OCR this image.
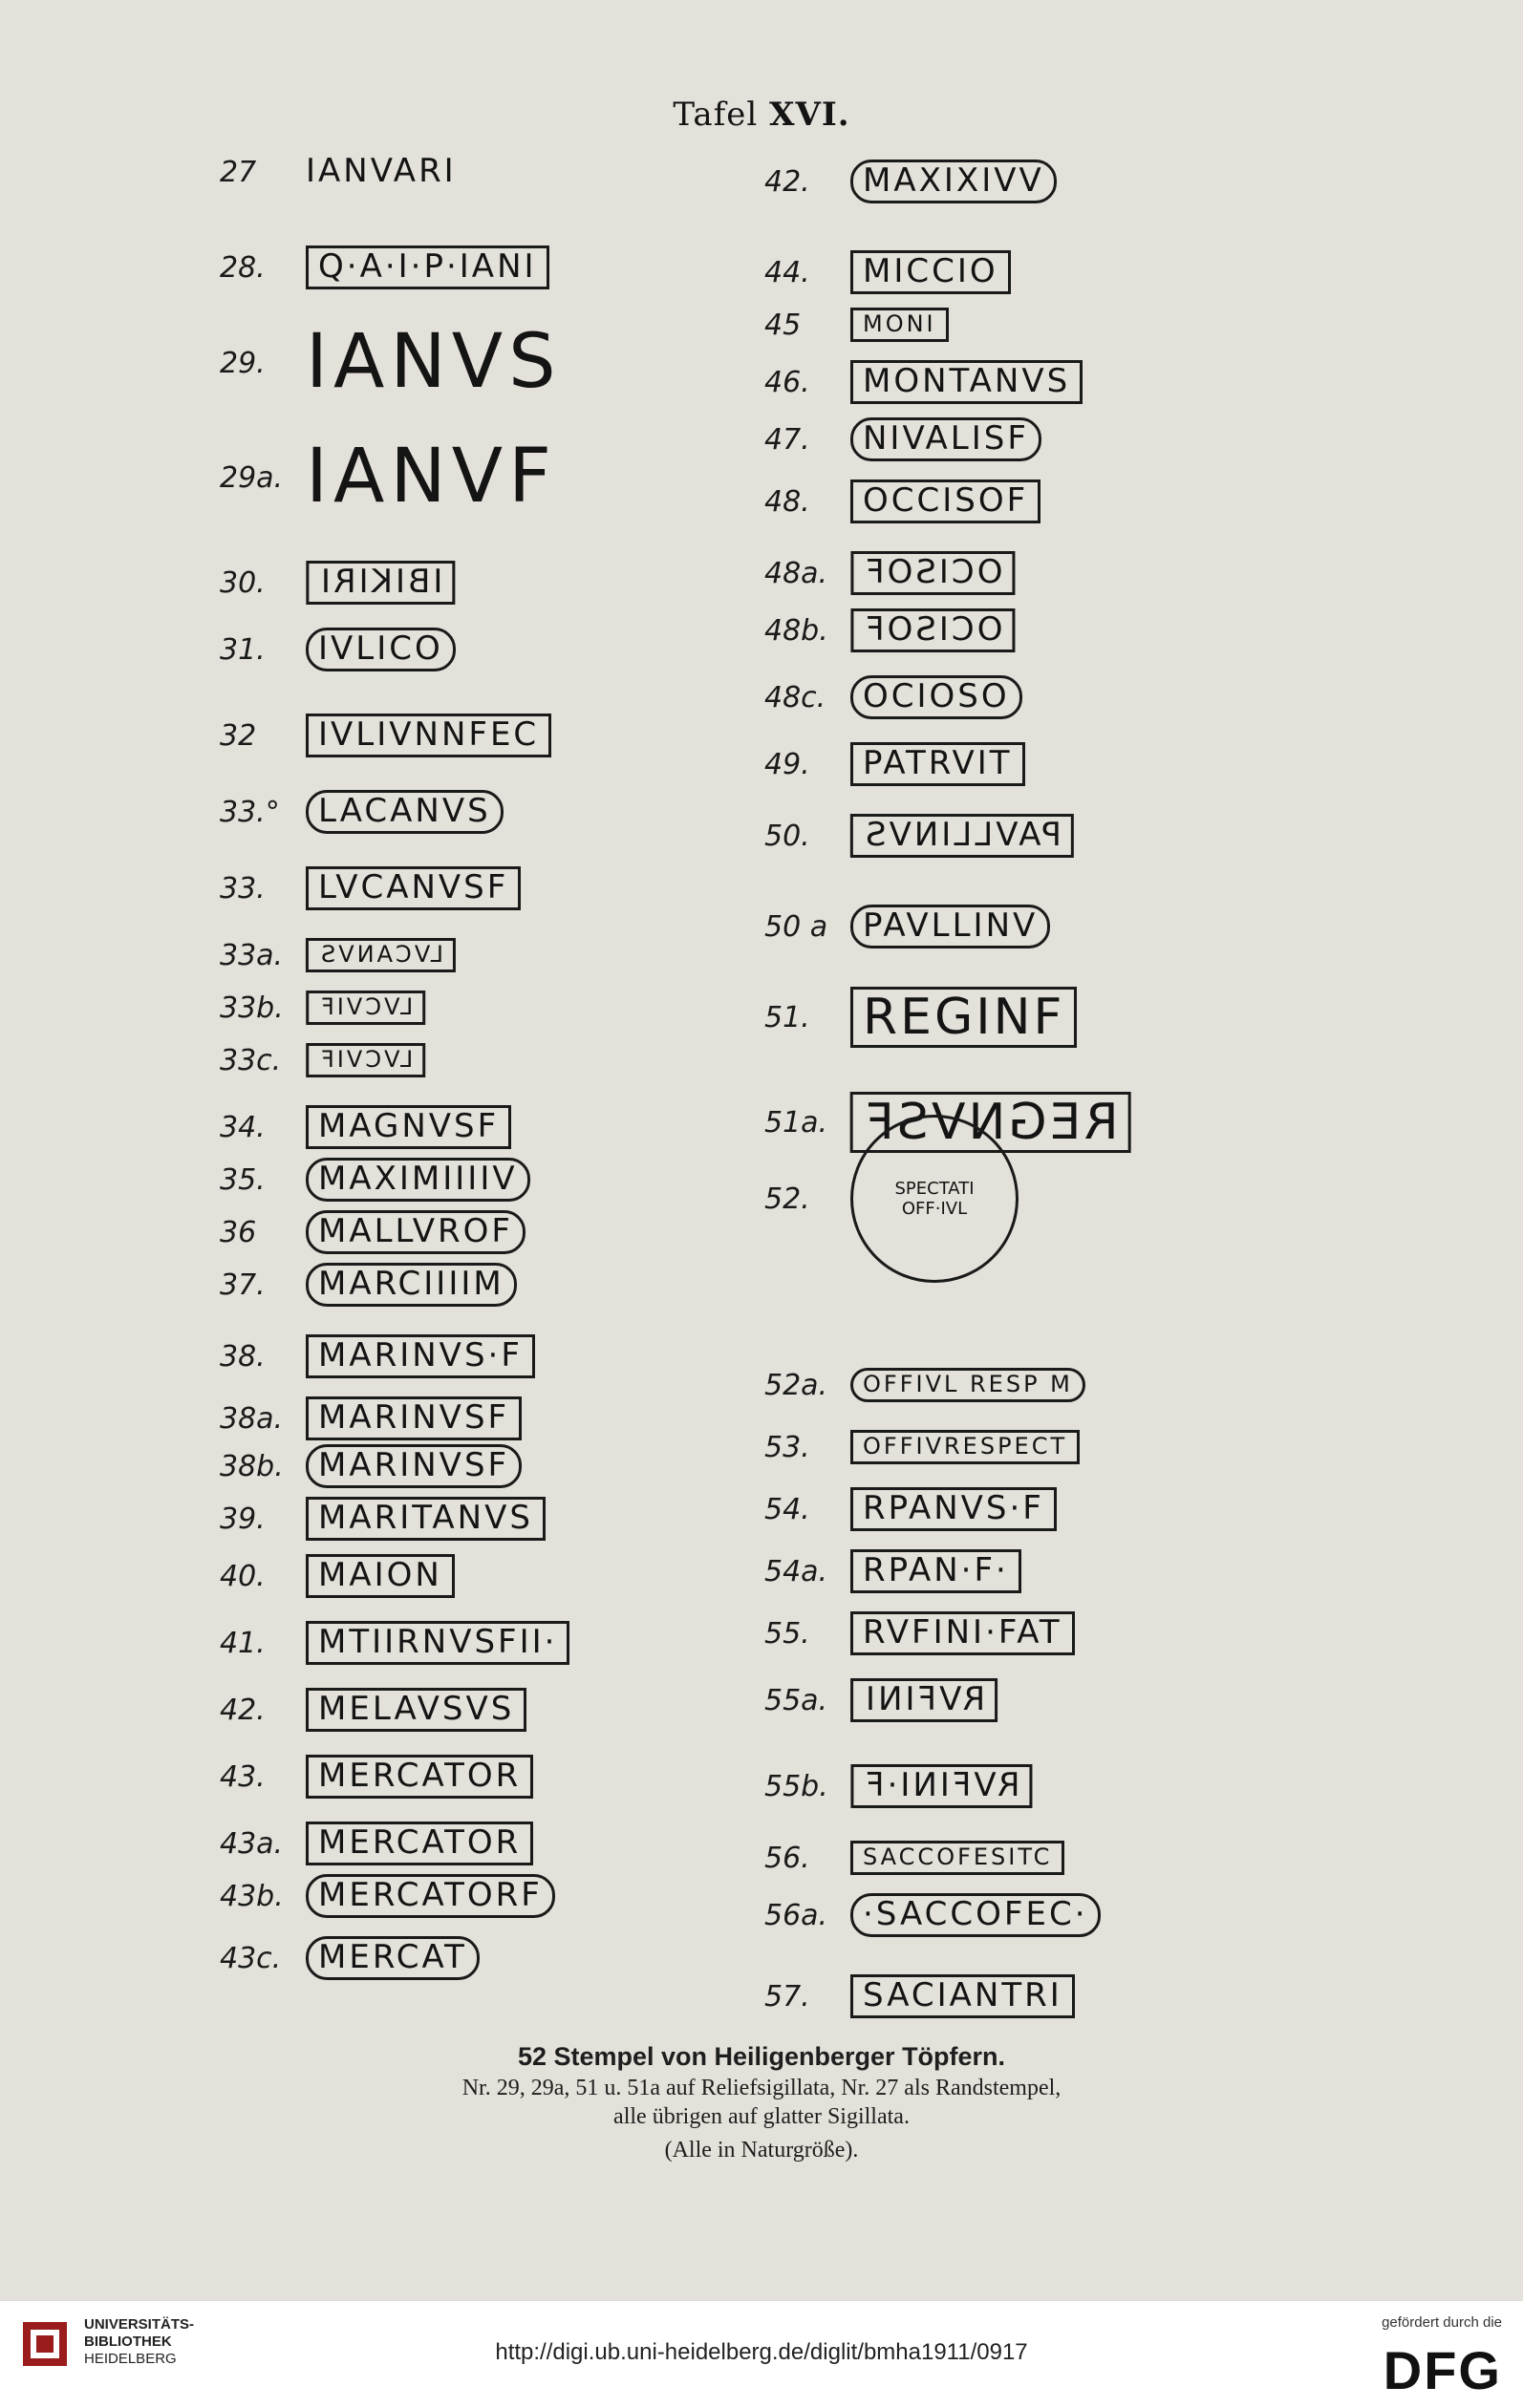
Tafel XVI.
27	IANVARI
28.	Q·A·I·P·IANI
29. IANVS
29a. IANVF
30.	IBIKIRI
31.	IVLICO
32	IVLIVNNFEC
33.°	LACANVS
33.	LVCANVSF
33a.	LVCANVS
33b.	LVCVIF
33c.	LVCVIF
34.	MAGNVSF
35.	MAXIMIIIIV
36	MALLVROF
37.	MARCIIIIM
38.	MARINVS·F
38a.	MARINVSF
38b.	MARINVSF
39.	MARITANVS
40.	MAION
41.	MTIIRNVSFII·
42.	MELAVSVS
43.	MERCATOR
43a.	MERCATOR
43b.	MERCATORF
43c.	MERCAT
42.	MAXIXIVV
44.	MICCIO
45	MONI
46.	MONTANVS
47.	NIVALISF
48.	OCCISOF
48a.	OCISOF
48b.	OCISOF
48c.	OCIOSO
49.	PATRVIT
50.	PAVLLINVS
50 a	PAVLLINV
51.	REGINF
51a. REGNVSF
52.	SPECTATI OFF·IVL
52a.	OFFIVL RESP M
53.	OFFIVRESPECT
54.	RPANVS·F
54a.	RPAN·F·
55.	RVFINI·FAT
55a.	RVFINI
55b.	RVFINI·F
56.	SACCOFESITC
56a.	·SACCOFEC·
57.	SACIANTRI
52 Stempel von Heiligenberger Töpfern.
Nr. 29, 29a, 51 u. 51a auf Reliefsigillata, Nr. 27 als Randstempel,
alle übrigen auf glatter Sigillata.
(Alle in Naturgröße).
UNIVERSITÄTS-
BIBLIOTHEK
HEIDELBERG	http://digi.ub.uni-heidelberg.de/diglit/bmha1911/0917
gefördert durch die
DFG
